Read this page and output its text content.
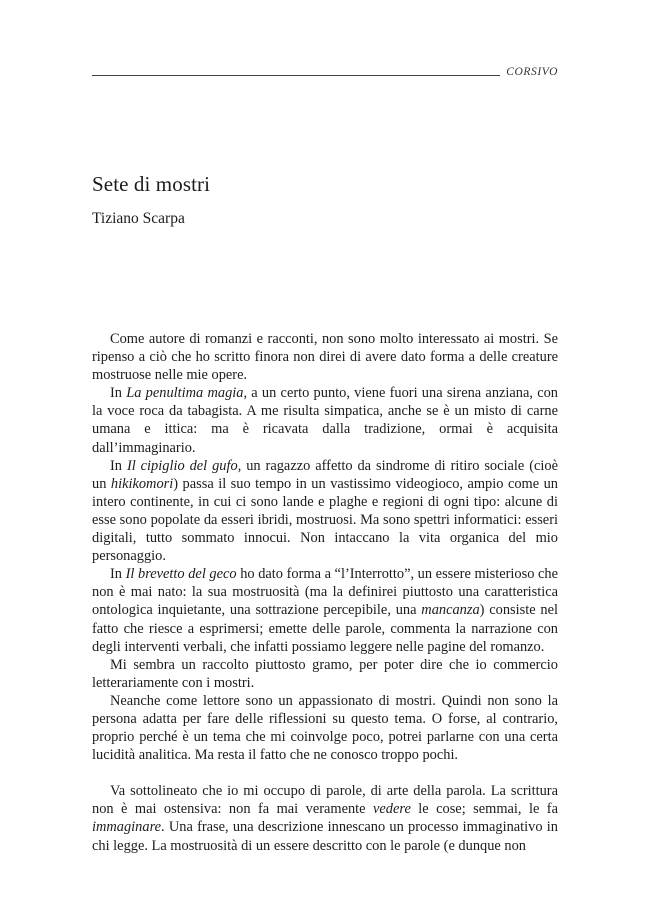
CORSIVO
Sete di mostri

Tiziano Scarpa

Come autore di romanzi e racconti, non sono molto interessato ai mostri. Se ripenso a ciò che ho scritto finora non direi di avere dato forma a delle creature mostruose nelle mie opere.

In La penultima magia, a un certo punto, viene fuori una sirena anziana, con la voce roca da tabagista. A me risulta simpatica, anche se è un misto di carne umana e ittica: ma è ricavata dalla tradizione, ormai è acquisita dall’immaginario.

In Il cipiglio del gufo, un ragazzo affetto da sindrome di ritiro sociale (cioè un hikikomori) passa il suo tempo in un vastissimo videogioco, ampio come un intero continente, in cui ci sono lande e plaghe e regioni di ogni tipo: alcune di esse sono popolate da esseri ibridi, mostruosi. Ma sono spettri informatici: esseri digitali, tutto sommato innocui. Non intaccano la vita organica del mio personaggio.

In Il brevetto del geco ho dato forma a “l’Interrotto”, un essere misterioso che non è mai nato: la sua mostruosità (ma la definirei piuttosto una caratteristica ontologica inquietante, una sottrazione percepibile, una mancanza) consiste nel fatto che riesce a esprimersi; emette delle parole, commenta la narrazione con degli interventi verbali, che infatti possiamo leggere nelle pagine del romanzo.

Mi sembra un raccolto piuttosto gramo, per poter dire che io commercio letterariamente con i mostri.

Neanche come lettore sono un appassionato di mostri. Quindi non sono la persona adatta per fare delle riflessioni su questo tema. O forse, al contrario, proprio perché è un tema che mi coinvolge poco, potrei parlarne con una certa lucidità analitica. Ma resta il fatto che ne conosco troppo pochi.

Va sottolineato che io mi occupo di parole, di arte della parola. La scrittura non è mai ostensiva: non fa mai veramente vedere le cose; semmai, le fa immaginare. Una frase, una descrizione innescano un processo immaginativo in chi legge. La mostruosità di un essere descritto con le parole (e dunque non
